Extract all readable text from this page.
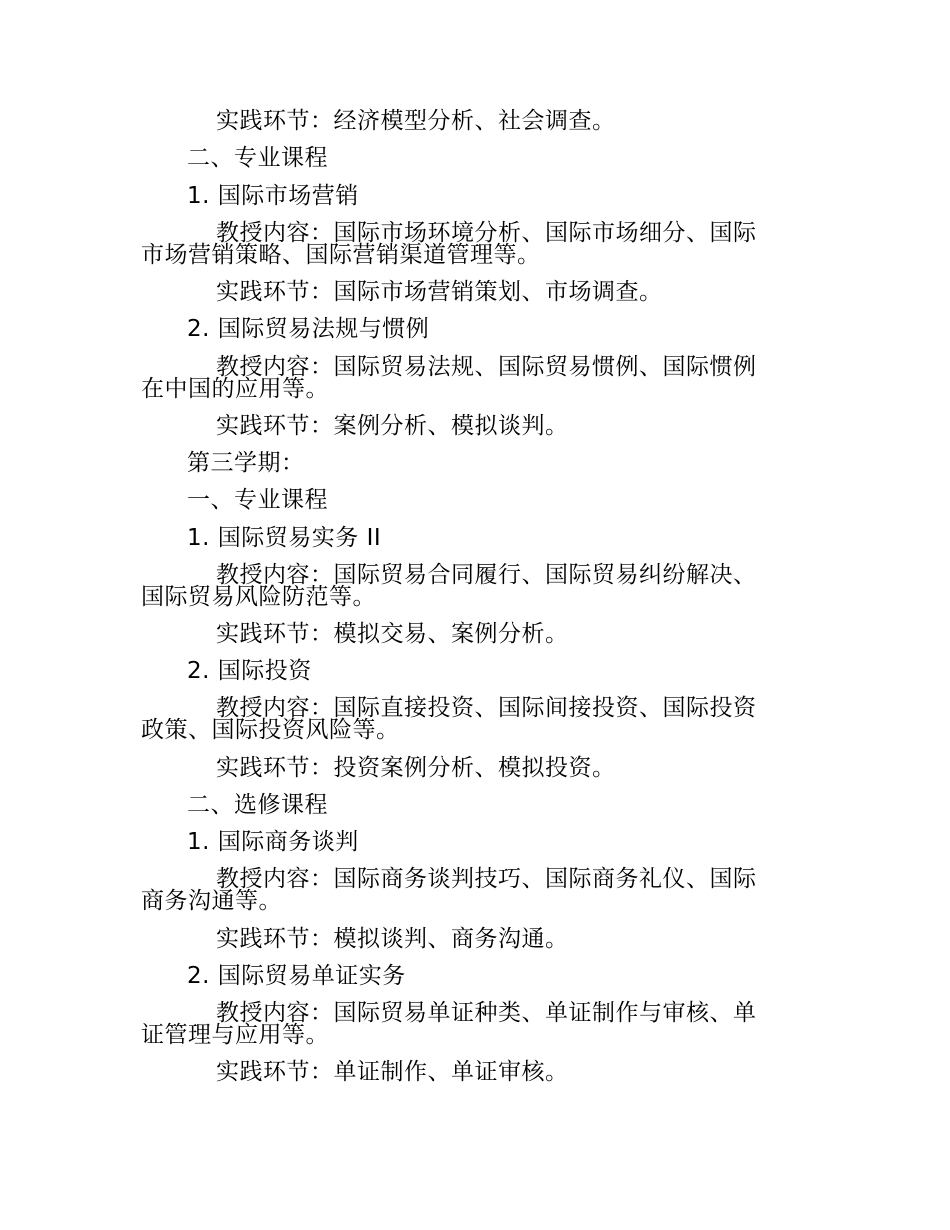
实践环节：经济模型分析、社会调查。
二、专业课程
1. 国际市场营销
教授内容：国际市场环境分析、国际市场细分、国际
市场营销策略、国际营销渠道管理等。
实践环节：国际市场营销策划、市场调查。
2. 国际贸易法规与惯例
教授内容：国际贸易法规、国际贸易惯例、国际惯例
在中国的应用等。
实践环节：案例分析、模拟谈判。
第三学期：
一、专业课程
1. 国际贸易实务 II
教授内容：国际贸易合同履行、国际贸易纠纷解决、
国际贸易风险防范等。
实践环节：模拟交易、案例分析。
2. 国际投资
教授内容：国际直接投资、国际间接投资、国际投资
政策、国际投资风险等。
实践环节：投资案例分析、模拟投资。
二、选修课程
1. 国际商务谈判
教授内容：国际商务谈判技巧、国际商务礼仪、国际
商务沟通等。
实践环节：模拟谈判、商务沟通。
2. 国际贸易单证实务
教授内容：国际贸易单证种类、单证制作与审核、单
证管理与应用等。
实践环节：单证制作、单证审核。
